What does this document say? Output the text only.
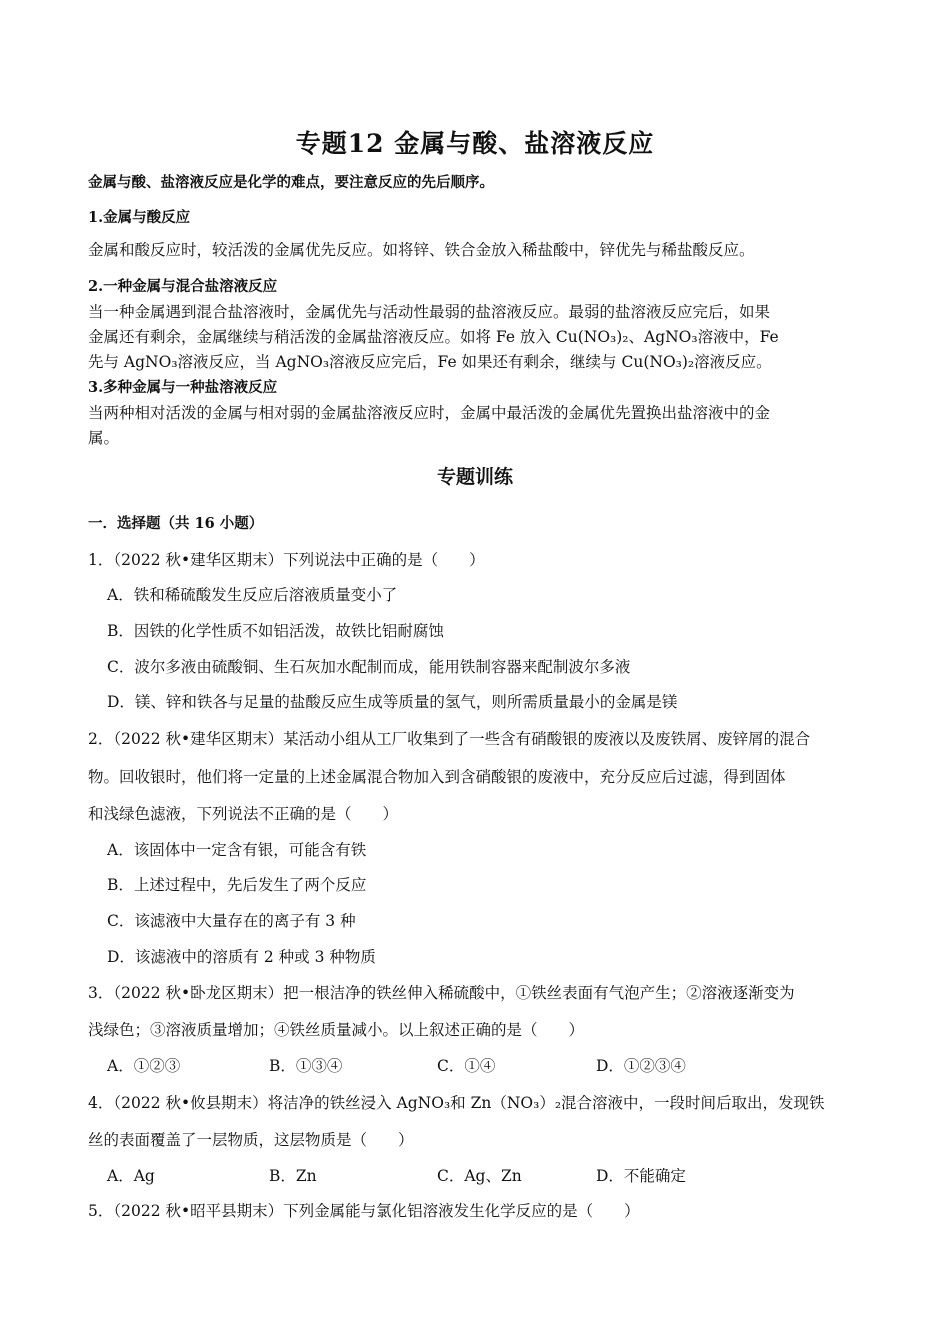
专题12 金属与酸、盐溶液反应
金属与酸、盐溶液反应是化学的难点，要注意反应的先后顺序。
1.金属与酸反应
金属和酸反应时，较活泼的金属优先反应。如将锌、铁合金放入稀盐酸中，锌优先与稀盐酸反应。
2.一种金属与混合盐溶液反应
当一种金属遇到混合盐溶液时，金属优先与活动性最弱的盐溶液反应。最弱的盐溶液反应完后，如果
金属还有剩余，金属继续与稍活泼的金属盐溶液反应。如将 Fe 放入 Cu(NO₃)₂、AgNO₃溶液中，Fe
先与 AgNO₃溶液反应，当 AgNO₃溶液反应完后，Fe 如果还有剩余，继续与 Cu(NO₃)₂溶液反应。
3.多种金属与一种盐溶液反应
当两种相对活泼的金属与相对弱的金属盐溶液反应时，金属中最活泼的金属优先置换出盐溶液中的金
属。
专题训练
一．选择题（共 16 小题）
1．（2022 秋•建华区期末）下列说法中正确的是（　　）
A．铁和稀硫酸发生反应后溶液质量变小了
B．因铁的化学性质不如铝活泼，故铁比铝耐腐蚀
C．波尔多液由硫酸铜、生石灰加水配制而成，能用铁制容器来配制波尔多液
D．镁、锌和铁各与足量的盐酸反应生成等质量的氢气，则所需质量最小的金属是镁
2．（2022 秋•建华区期末）某活动小组从工厂收集到了一些含有硝酸银的废液以及废铁屑、废锌屑的混合
物。回收银时，他们将一定量的上述金属混合物加入到含硝酸银的废液中，充分反应后过滤，得到固体
和浅绿色滤液，下列说法不正确的是（　　）
A．该固体中一定含有银，可能含有铁
B．上述过程中，先后发生了两个反应
C．该滤液中大量存在的离子有 3 种
D．该滤液中的溶质有 2 种或 3 种物质
3．（2022 秋•卧龙区期末）把一根洁净的铁丝伸入稀硫酸中，①铁丝表面有气泡产生；②溶液逐渐变为
浅绿色；③溶液质量增加；④铁丝质量减小。以上叙述正确的是（　　）
A．①②③	B．①③④	C．①④	D．①②③④
4．（2022 秋•攸县期末）将洁净的铁丝浸入 AgNO₃和 Zn（NO₃）₂混合溶液中，一段时间后取出，发现铁
丝的表面覆盖了一层物质，这层物质是（　　）
A．Ag	B．Zn	C．Ag、Zn	D．不能确定
5．（2022 秋•昭平县期末）下列金属能与氯化铝溶液发生化学反应的是（　　）
